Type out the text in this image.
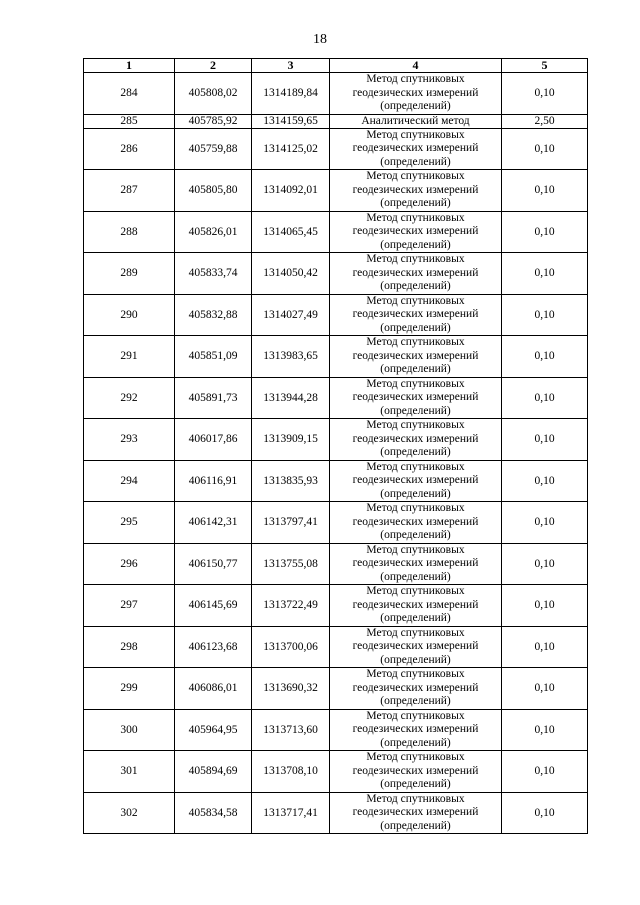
18
1	2	3	4	5
284	405808,02	1314189,84	Метод спутниковых геодезических измерений (определений)	0,10
285	405785,92	1314159,65	Аналитический метод	2,50
286	405759,88	1314125,02	Метод спутниковых геодезических измерений (определений)	0,10
287	405805,80	1314092,01	Метод спутниковых геодезических измерений (определений)	0,10
288	405826,01	1314065,45	Метод спутниковых геодезических измерений (определений)	0,10
289	405833,74	1314050,42	Метод спутниковых геодезических измерений (определений)	0,10
290	405832,88	1314027,49	Метод спутниковых геодезических измерений (определений)	0,10
291	405851,09	1313983,65	Метод спутниковых геодезических измерений (определений)	0,10
292	405891,73	1313944,28	Метод спутниковых геодезических измерений (определений)	0,10
293	406017,86	1313909,15	Метод спутниковых геодезических измерений (определений)	0,10
294	406116,91	1313835,93	Метод спутниковых геодезических измерений (определений)	0,10
295	406142,31	1313797,41	Метод спутниковых геодезических измерений (определений)	0,10
296	406150,77	1313755,08	Метод спутниковых геодезических измерений (определений)	0,10
297	406145,69	1313722,49	Метод спутниковых геодезических измерений (определений)	0,10
298	406123,68	1313700,06	Метод спутниковых геодезических измерений (определений)	0,10
299	406086,01	1313690,32	Метод спутниковых геодезических измерений (определений)	0,10
300	405964,95	1313713,60	Метод спутниковых геодезических измерений (определений)	0,10
301	405894,69	1313708,10	Метод спутниковых геодезических измерений (определений)	0,10
302	405834,58	1313717,41	Метод спутниковых геодезических измерений (определений)	0,10
